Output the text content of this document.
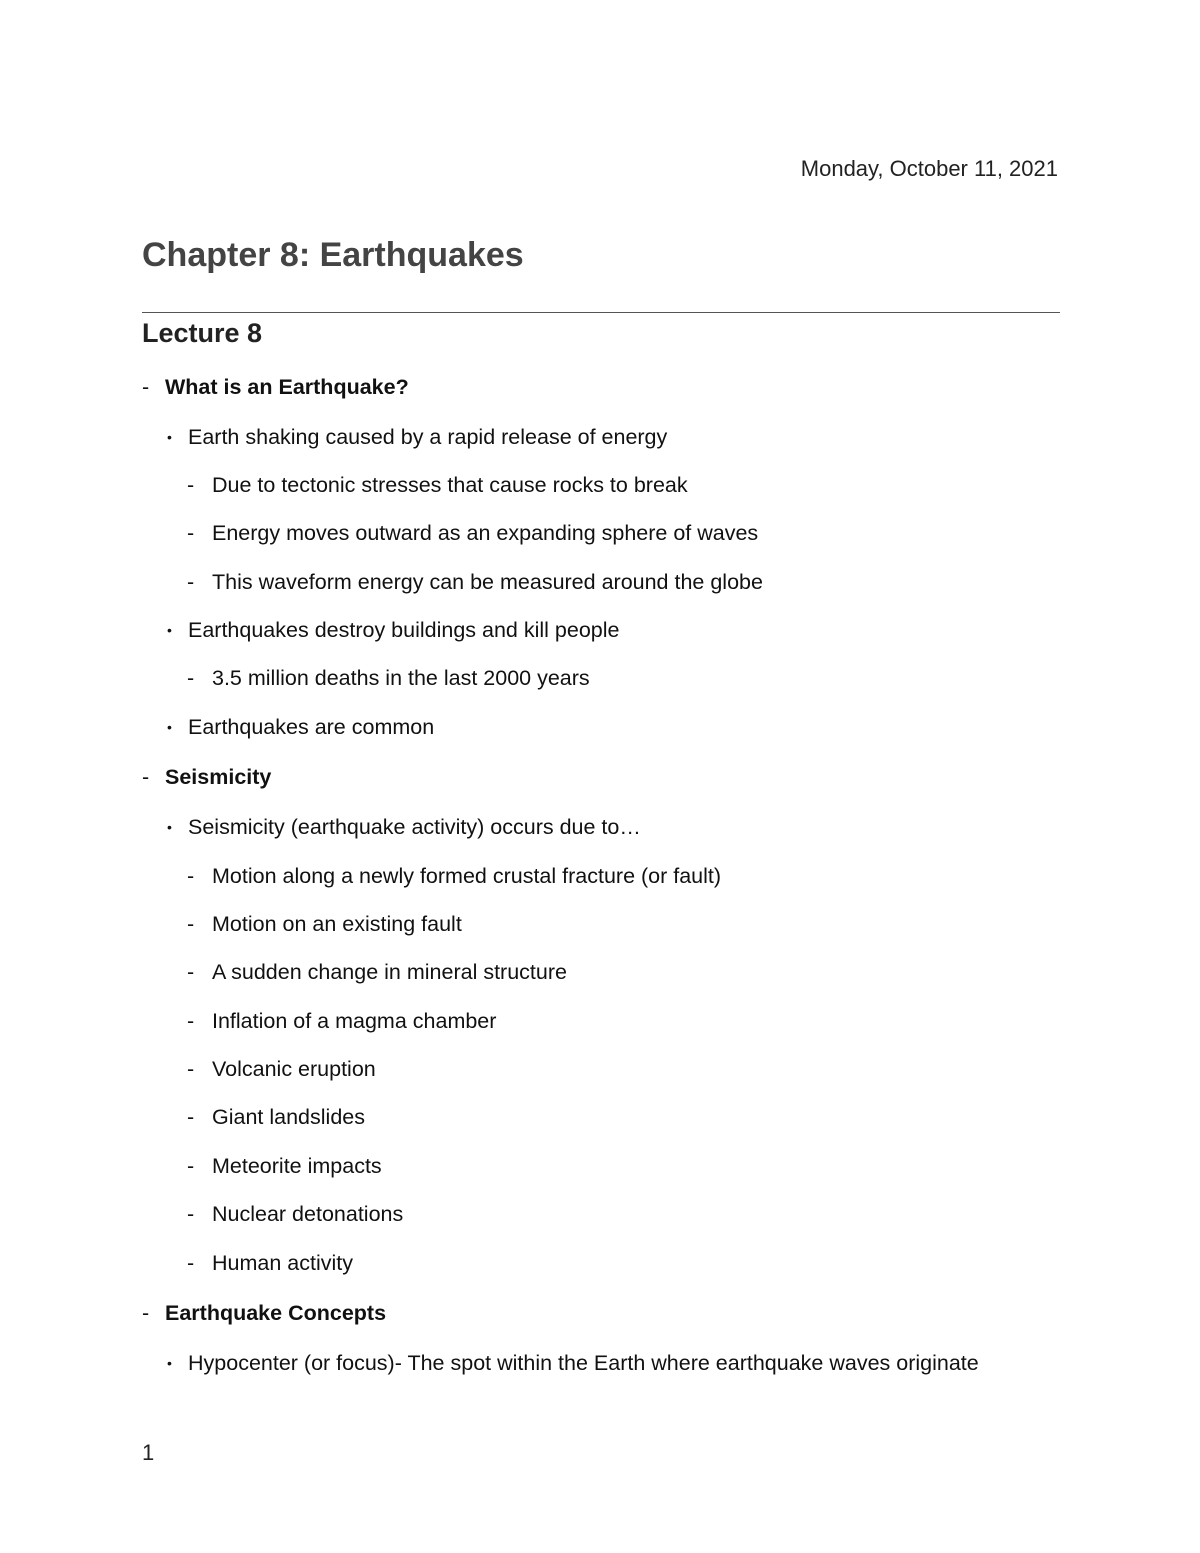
Monday, October 11, 2021
Chapter 8: Earthquakes
Lecture 8
- What is an Earthquake?
• Earth shaking caused by a rapid release of energy
- Due to tectonic stresses that cause rocks to break
- Energy moves outward as an expanding sphere of waves
- This waveform energy can be measured around the globe
• Earthquakes destroy buildings and kill people
- 3.5 million deaths in the last 2000 years
• Earthquakes are common
- Seismicity
• Seismicity (earthquake activity) occurs due to…
- Motion along a newly formed crustal fracture (or fault)
- Motion on an existing fault
- A sudden change in mineral structure
- Inflation of a magma chamber
- Volcanic eruption
- Giant landslides
- Meteorite impacts
- Nuclear detonations
- Human activity
- Earthquake Concepts
• Hypocenter (or focus)- The spot within the Earth where earthquake waves originate
1
